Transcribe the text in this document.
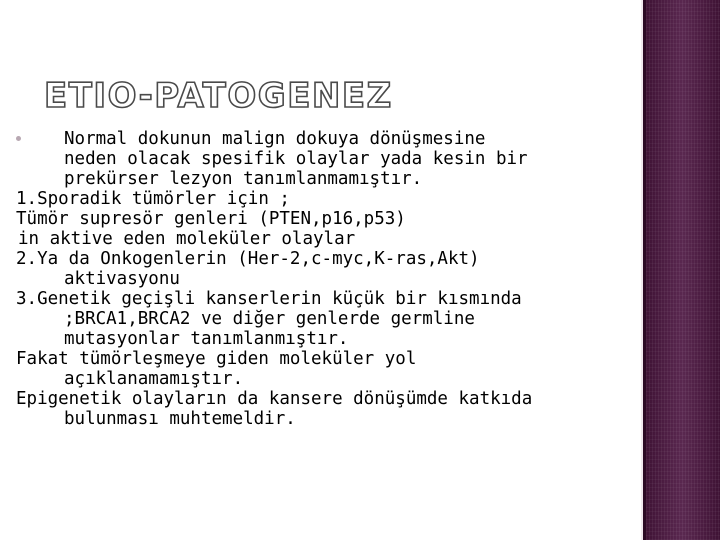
ETIO-PATOGENEZ
Normal dokunun malign dokuya dönüşmesine
neden olacak spesifik olaylar yada kesin bir
prekürser lezyon tanımlanmamıştır.
1.Sporadik tümörler için ;
Tümör supresör genleri (PTEN,p16,p53)
in aktive eden moleküler olaylar
2.Ya da Onkogenlerin (Her-2,c-myc,K-ras,Akt)
aktivasyonu
3.Genetik geçişli kanserlerin küçük bir kısmında
;BRCA1,BRCA2 ve diğer genlerde germline
mutasyonlar tanımlanmıştır.
Fakat tümörleşmeye giden moleküler yol
açıklanamamıştır.
Epigenetik olayların da kansere dönüşümde katkıda
bulunması muhtemeldir.
